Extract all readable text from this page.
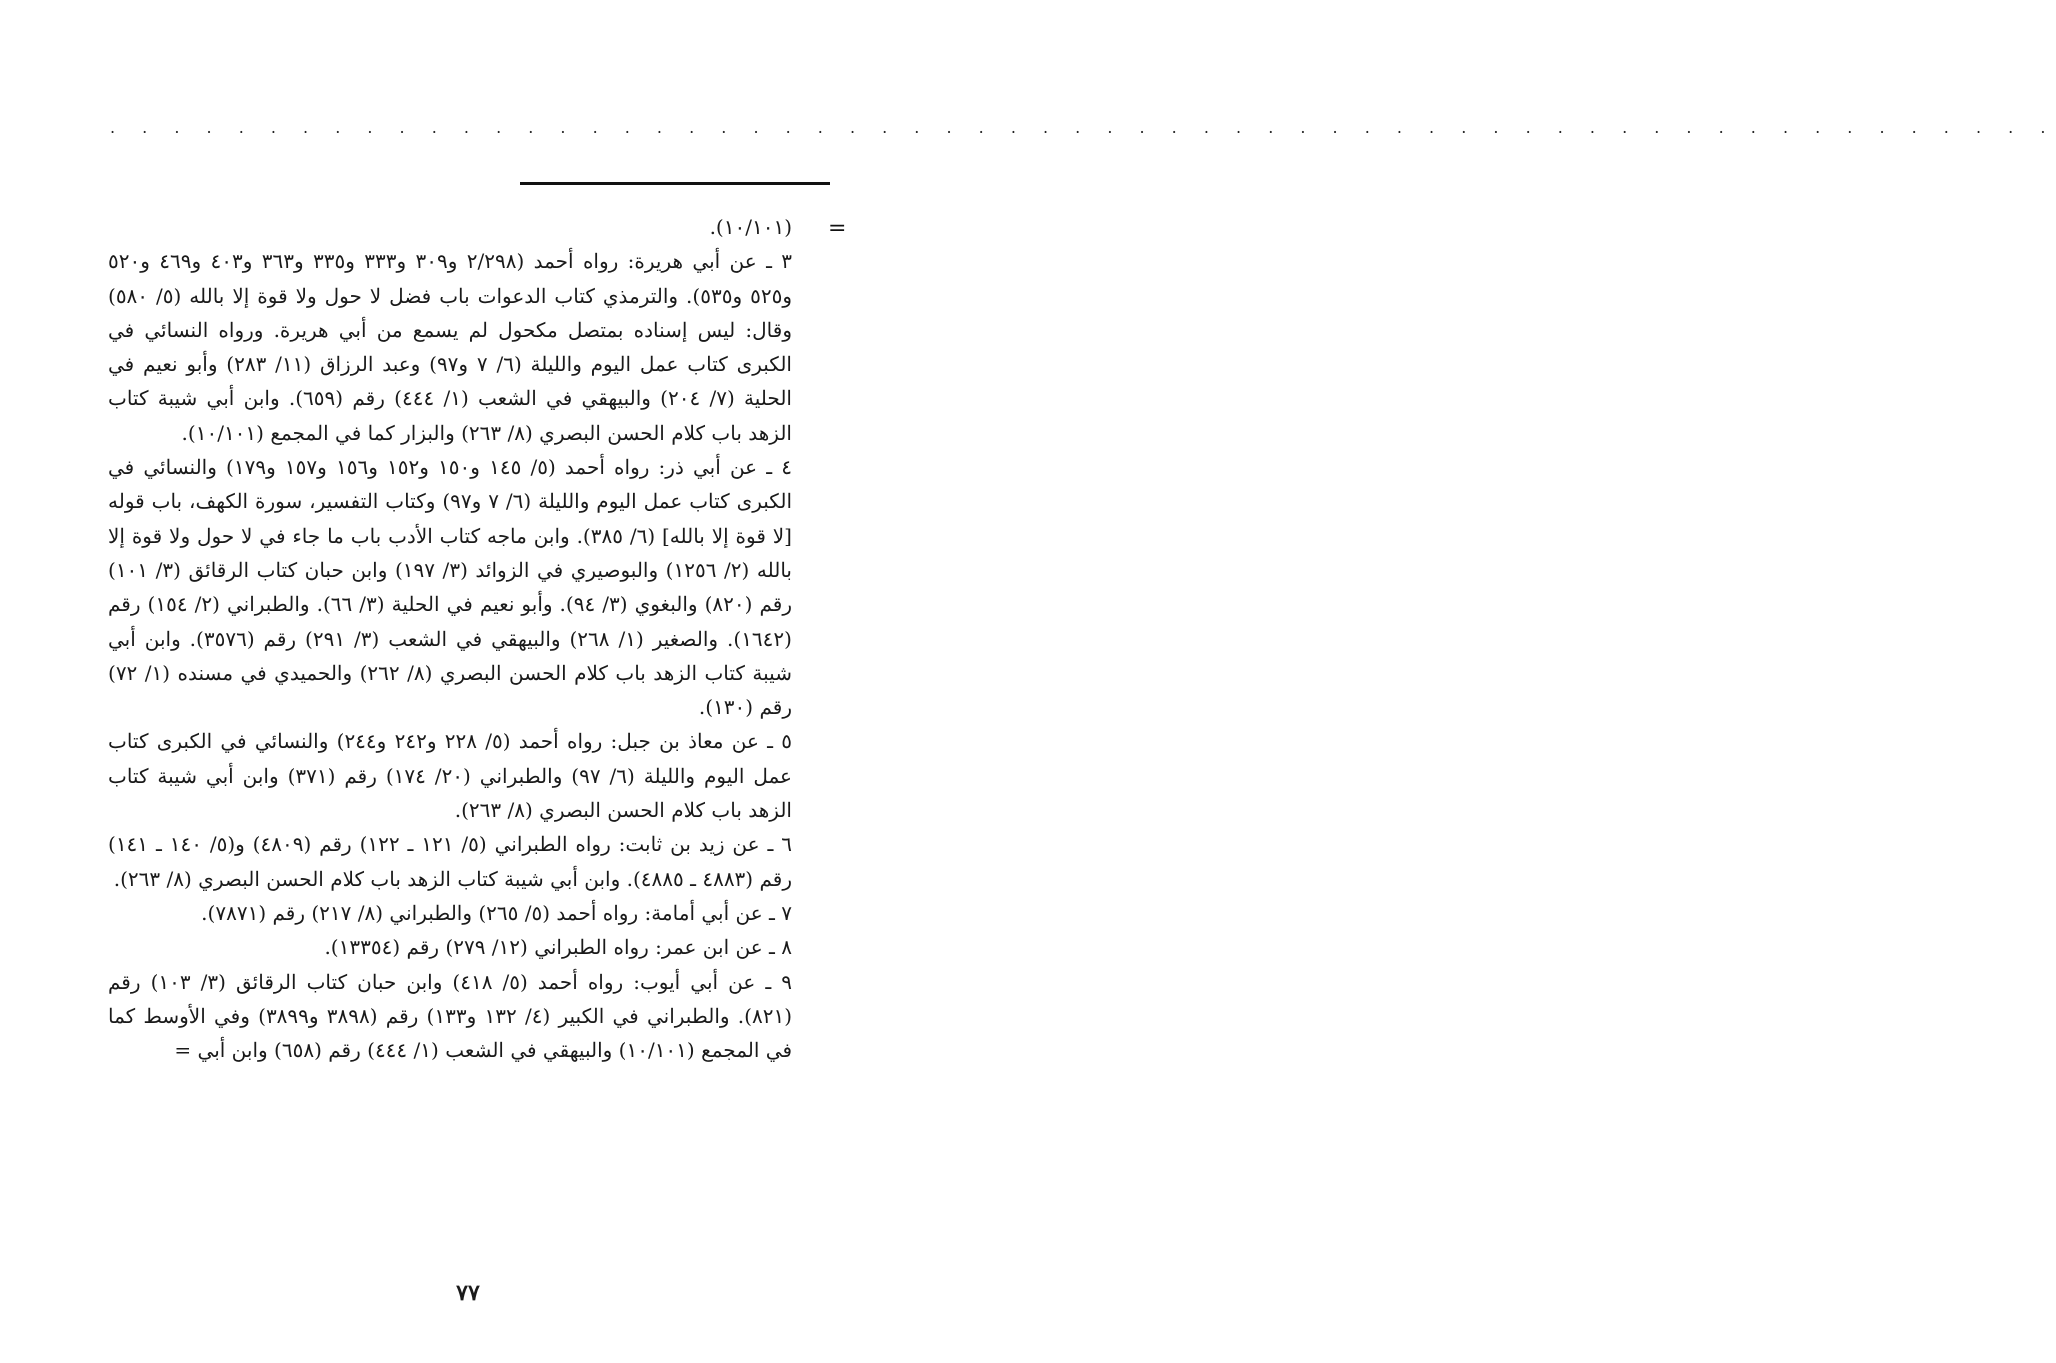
. . . . . . . . . . . . . . . . . . . . . . . . . . . . . . . . . . . . . . . . . . . . . . . . . . . . . . . . . . . . .
=

(١٠/١٠١).

٣ ـ عن أبي هريرة: رواه أحمد (٢/٢٩٨ و٣٠٩ و٣٣٣ و٣٣٥ و٣٦٣ و٤٠٣ و٤٦٩ و٥٢٠ و٥٢٥ و٥٣٥). والترمذي كتاب الدعوات باب فضل لا حول ولا قوة إلا بالله (٥/ ٥٨٠) وقال: ليس إسناده بمتصل مكحول لم يسمع من أبي هريرة. ورواه النسائي في الكبرى كتاب عمل اليوم والليلة (٦/ ٧ و٩٧) وعبد الرزاق (١١/ ٢٨٣) وأبو نعيم في الحلية (٧/ ٢٠٤) والبيهقي في الشعب (١/ ٤٤٤) رقم (٦٥٩). وابن أبي شيبة كتاب الزهد باب كلام الحسن البصري (٨/ ٢٦٣) والبزار كما في المجمع (١٠/١٠١).

٤ ـ عن أبي ذر: رواه أحمد (٥/ ١٤٥ و١٥٠ و١٥٢ و١٥٦ و١٥٧ و١٧٩) والنسائي في الكبرى كتاب عمل اليوم والليلة (٦/ ٧ و٩٧) وكتاب التفسير، سورة الكهف، باب قوله [لا قوة إلا بالله] (٦/ ٣٨٥). وابن ماجه كتاب الأدب باب ما جاء في لا حول ولا قوة إلا بالله (٢/ ١٢٥٦) والبوصيري في الزوائد (٣/ ١٩٧) وابن حبان كتاب الرقائق (٣/ ١٠١) رقم (٨٢٠) والبغوي (٣/ ٩٤). وأبو نعيم في الحلية (٣/ ٦٦). والطبراني (٢/ ١٥٤) رقم (١٦٤٢). والصغير (١/ ٢٦٨) والبيهقي في الشعب (٣/ ٢٩١) رقم (٣٥٧٦). وابن أبي شيبة كتاب الزهد باب كلام الحسن البصري (٨/ ٢٦٢) والحميدي في مسنده (١/ ٧٢) رقم (١٣٠).

٥ ـ عن معاذ بن جبل: رواه أحمد (٥/ ٢٢٨ و٢٤٢ و٢٤٤) والنسائي في الكبرى كتاب عمل اليوم والليلة (٦/ ٩٧) والطبراني (٢٠/ ١٧٤) رقم (٣٧١) وابن أبي شيبة كتاب الزهد باب كلام الحسن البصري (٨/ ٢٦٣).

٦ ـ عن زيد بن ثابت: رواه الطبراني (٥/ ١٢١ ـ ١٢٢) رقم (٤٨٠٩) و(٥/ ١٤٠ ـ ١٤١) رقم (٤٨٨٣ ـ ٤٨٨٥). وابن أبي شيبة كتاب الزهد باب كلام الحسن البصري (٨/ ٢٦٣).

٧ ـ عن أبي أمامة: رواه أحمد (٥/ ٢٦٥) والطبراني (٨/ ٢١٧) رقم (٧٨٧١).

٨ ـ عن ابن عمر: رواه الطبراني (١٢/ ٢٧٩) رقم (١٣٣٥٤).

٩ ـ عن أبي أيوب: رواه أحمد (٥/ ٤١٨) وابن حبان كتاب الرقائق (٣/ ١٠٣) رقم (٨٢١). والطبراني في الكبير (٤/ ١٣٢ و١٣٣) رقم (٣٨٩٨ و٣٨٩٩) وفي الأوسط كما في المجمع (١٠/١٠١) والبيهقي في الشعب (١/ ٤٤٤) رقم (٦٥٨) وابن أبي =

٧٧
